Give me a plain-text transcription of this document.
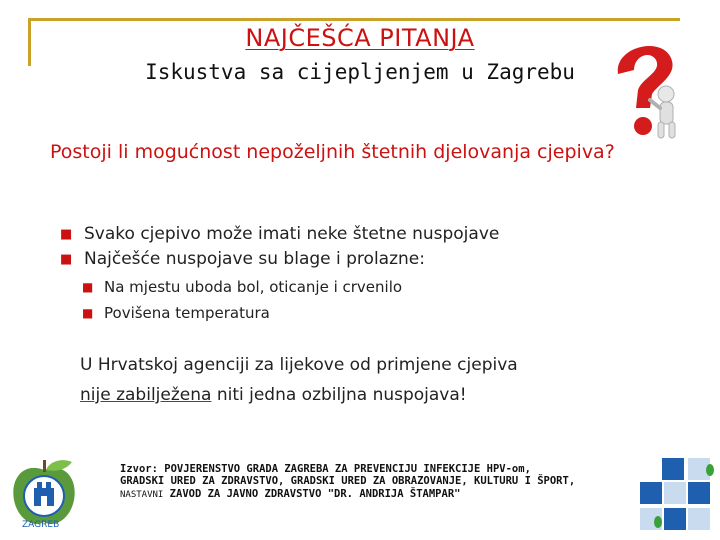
NAJČEŠĆA PITANJA
Iskustva sa cijepljenjem u Zagrebu
Postoji li mogućnost nepoželjnih štetnih djelovanja cjepiva?
■ Svako cjepivo može imati neke štetne nuspojave
■ Najčešće nuspojave su blage i prolazne:
■ Na mjestu uboda bol, oticanje i crvenilo
■ Povišena temperatura
U Hrvatskoj agenciji za lijekove od primjene cjepiva
nije zabilježena niti jedna ozbiljna nuspojava!
Izvor: POVJERENSTVO GRADA ZAGREBA ZA PREVENCIJU INFEKCIJE HPV-om, GRADSKI URED ZA ZDRAVSTVO, GRADSKI URED ZA OBRAZOVANJE, KULTURU I ŠPORT, NASTAVNI ZAVOD ZA JAVNO ZDRAVSTVO "DR. ANDRIJA ŠTAMPAR"
ZAGREB
